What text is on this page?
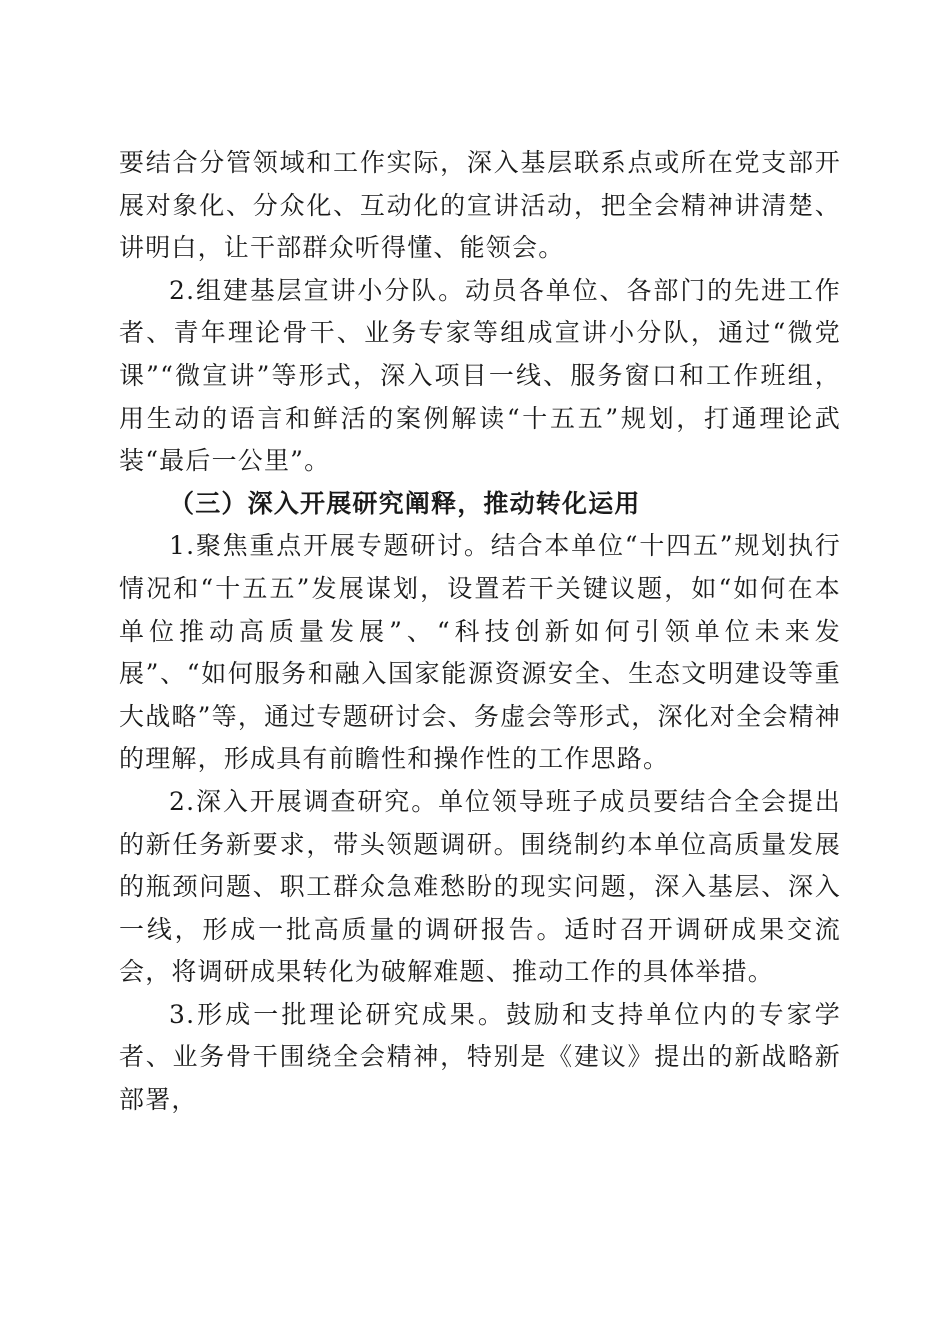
要结合分管领域和工作实际，深入基层联系点或所在党支部开展对象化、分众化、互动化的宣讲活动，把全会精神讲清楚、讲明白，让干部群众听得懂、能领会。

2.组建基层宣讲小分队。动员各单位、各部门的先进工作者、青年理论骨干、业务专家等组成宣讲小分队，通过“微党课”“微宣讲”等形式，深入项目一线、服务窗口和工作班组，用生动的语言和鲜活的案例解读“十五五”规划，打通理论武装“最后一公里”。

（三）深入开展研究阐释，推动转化运用

1.聚焦重点开展专题研讨。结合本单位“十四五”规划执行情况和“十五五”发展谋划，设置若干关键议题，如“如何在本单位推动高质量发展”、“科技创新如何引领单位未来发展”、“如何服务和融入国家能源资源安全、生态文明建设等重大战略”等，通过专题研讨会、务虚会等形式，深化对全会精神的理解，形成具有前瞻性和操作性的工作思路。

2.深入开展调查研究。单位领导班子成员要结合全会提出的新任务新要求，带头领题调研。围绕制约本单位高质量发展的瓶颈问题、职工群众急难愁盼的现实问题，深入基层、深入一线，形成一批高质量的调研报告。适时召开调研成果交流会，将调研成果转化为破解难题、推动工作的具体举措。

3.形成一批理论研究成果。鼓励和支持单位内的专家学者、业务骨干围绕全会精神，特别是《建议》提出的新战略新部署，
